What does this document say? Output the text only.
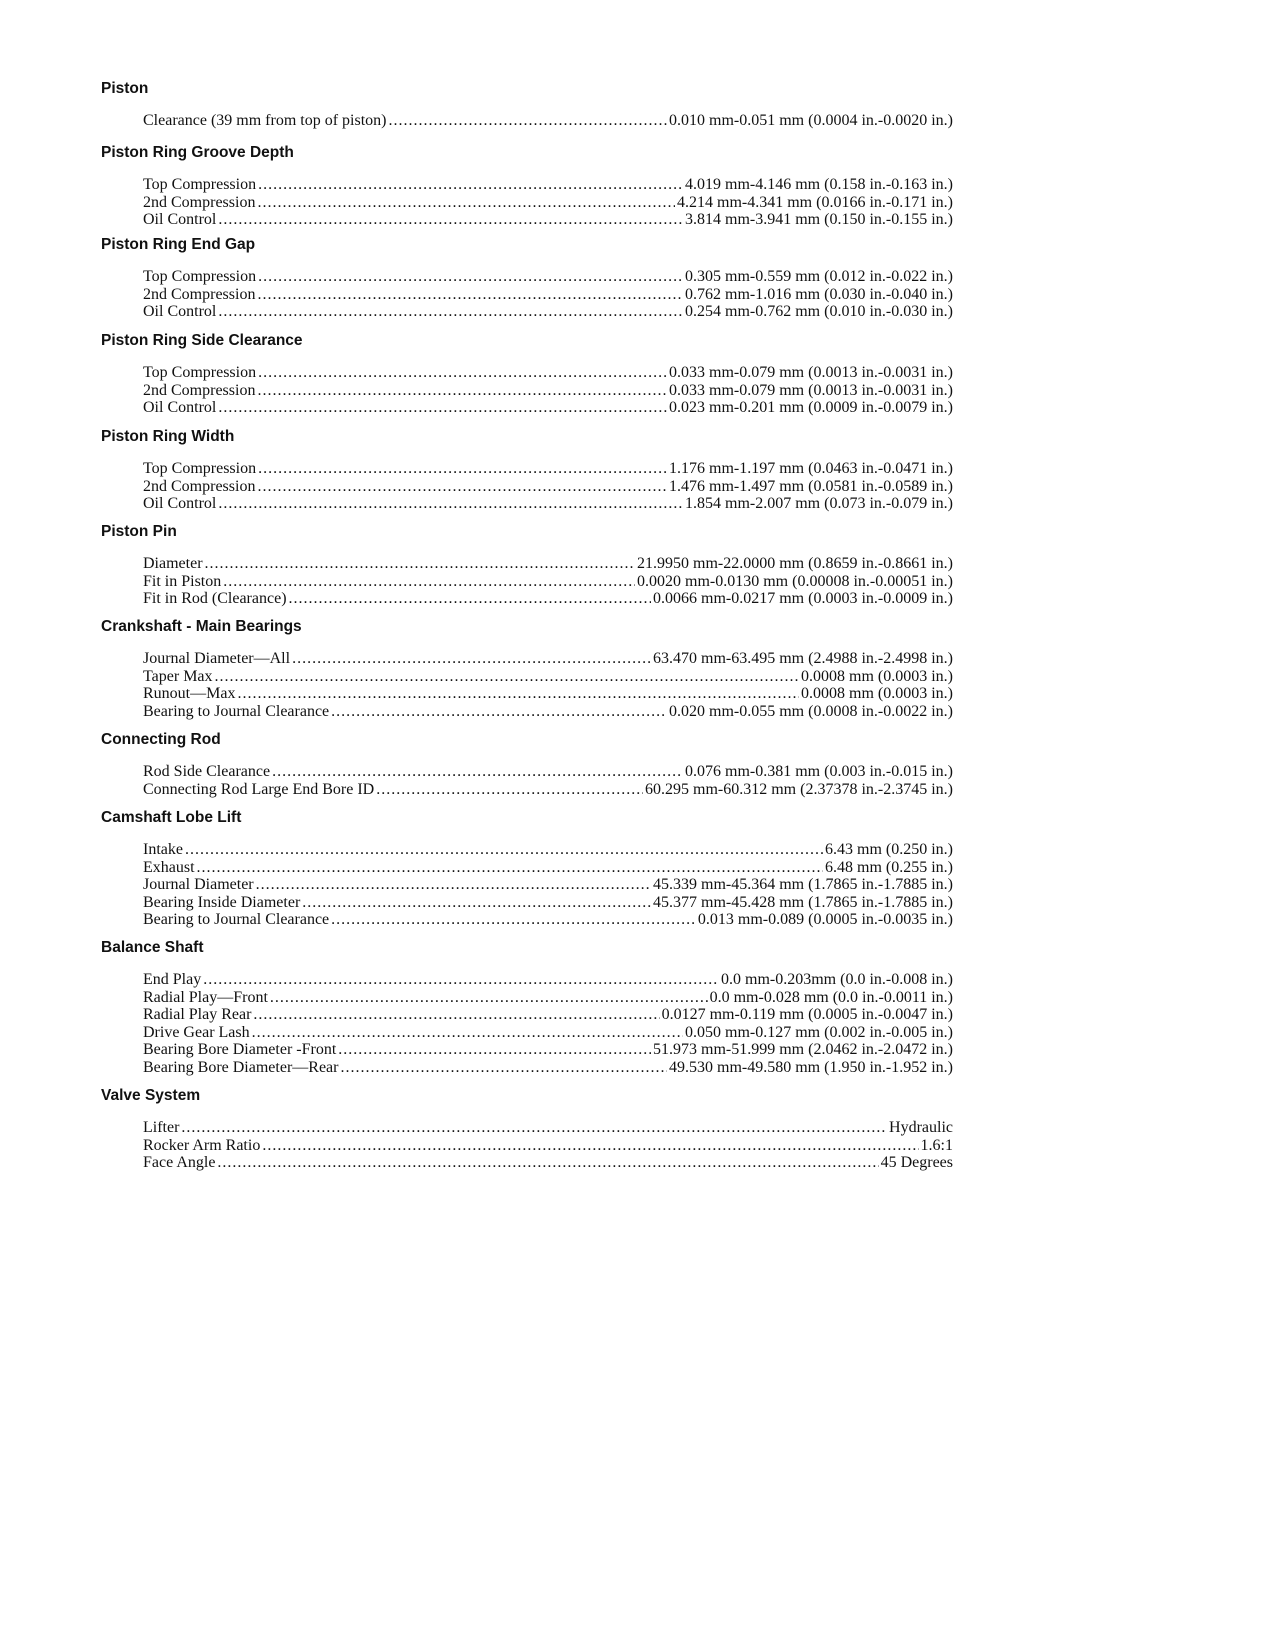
Piston
Clearance (39 mm from top of piston) .....	0.010 mm-0.051 mm (0.0004 in.-0.0020 in.)
Piston Ring Groove Depth
Top Compression .....	4.019 mm-4.146 mm (0.158 in.-0.163 in.)
2nd Compression .....	4.214 mm-4.341 mm (0.0166 in.-0.171 in.)
Oil Control .....	3.814 mm-3.941 mm (0.150 in.-0.155 in.)
Piston Ring End Gap
Top Compression .....	0.305 mm-0.559 mm (0.012 in.-0.022 in.)
2nd Compression .....	0.762 mm-1.016 mm (0.030 in.-0.040 in.)
Oil Control .....	0.254 mm-0.762 mm (0.010 in.-0.030 in.)
Piston Ring Side Clearance
Top Compression .....	0.033 mm-0.079 mm (0.0013 in.-0.0031 in.)
2nd Compression .....	0.033 mm-0.079 mm (0.0013 in.-0.0031 in.)
Oil Control .....	0.023 mm-0.201 mm (0.0009 in.-0.0079 in.)
Piston Ring Width
Top Compression .....	1.176 mm-1.197 mm (0.0463 in.-0.0471 in.)
2nd Compression .....	1.476 mm-1.497 mm (0.0581 in.-0.0589 in.)
Oil Control .....	1.854 mm-2.007 mm (0.073 in.-0.079 in.)
Piston Pin
Diameter .....	21.9950 mm-22.0000 mm (0.8659 in.-0.8661 in.)
Fit in Piston .....	0.0020 mm-0.0130 mm (0.00008 in.-0.00051 in.)
Fit in Rod (Clearance) .....	0.0066 mm-0.0217 mm (0.0003 in.-0.0009 in.)
Crankshaft - Main Bearings
Journal Diameter—All .....	63.470 mm-63.495 mm (2.4988 in.-2.4998 in.)
Taper Max .....	0.0008 mm (0.0003 in.)
Runout—Max .....	0.0008 mm (0.0003 in.)
Bearing to Journal Clearance .....	0.020 mm-0.055 mm (0.0008 in.-0.0022 in.)
Connecting Rod
Rod Side Clearance .....	0.076 mm-0.381 mm (0.003 in.-0.015 in.)
Connecting Rod Large End Bore ID .....	60.295 mm-60.312 mm (2.37378 in.-2.3745 in.)
Camshaft Lobe Lift
Intake .....	6.43 mm (0.250 in.)
Exhaust .....	6.48 mm (0.255 in.)
Journal Diameter .....	45.339 mm-45.364 mm (1.7865 in.-1.7885 in.)
Bearing Inside Diameter .....	45.377 mm-45.428 mm (1.7865 in.-1.7885 in.)
Bearing to Journal Clearance .....	0.013 mm-0.089 (0.0005 in.-0.0035 in.)
Balance Shaft
End Play .....	0.0 mm-0.203mm (0.0 in.-0.008 in.)
Radial Play—Front .....	0.0 mm-0.028 mm (0.0 in.-0.0011 in.)
Radial Play Rear .....	0.0127 mm-0.119 mm (0.0005 in.-0.0047 in.)
Drive Gear Lash .....	0.050 mm-0.127 mm (0.002 in.-0.005 in.)
Bearing Bore Diameter -Front .....	51.973 mm-51.999 mm (2.0462 in.-2.0472 in.)
Bearing Bore Diameter—Rear .....	49.530 mm-49.580 mm (1.950 in.-1.952 in.)
Valve System
Lifter .....	Hydraulic
Rocker Arm Ratio .....	1.6:1
Face Angle .....	45 Degrees
